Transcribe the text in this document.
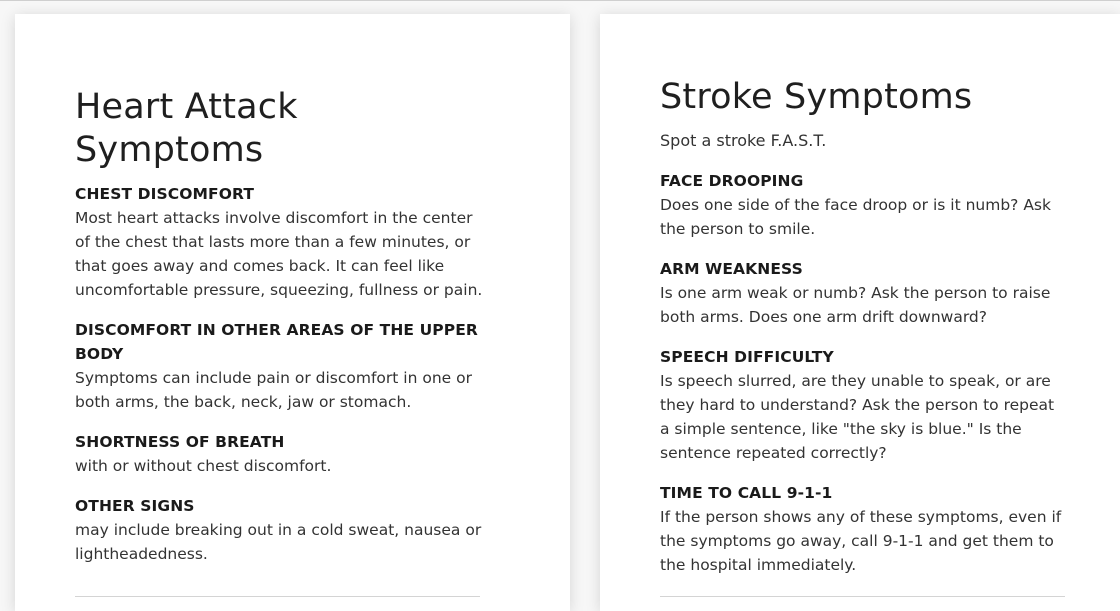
Heart Attack Symptoms
CHEST DISCOMFORT
Most heart attacks involve discomfort in the center of the chest that lasts more than a few minutes, or that goes away and comes back. It can feel like uncomfortable pressure, squeezing, fullness or pain.
DISCOMFORT IN OTHER AREAS OF THE UPPER BODY
Symptoms can include pain or discomfort in one or both arms, the back, neck, jaw or stomach.
SHORTNESS OF BREATH
with or without chest discomfort.
OTHER SIGNS
may include breaking out in a cold sweat, nausea or lightheadedness.
Stroke Symptoms

Spot a stroke F.A.S.T.

FACE DROOPING
Does one side of the face droop or is it numb? Ask the person to smile.
ARM WEAKNESS
Is one arm weak or numb? Ask the person to raise both arms. Does one arm drift downward?
SPEECH DIFFICULTY
Is speech slurred, are they unable to speak, or are they hard to understand? Ask the person to repeat a simple sentence, like "the sky is blue." Is the sentence repeated correctly?
TIME TO CALL 9-1-1
If the person shows any of these symptoms, even if the symptoms go away, call 9-1-1 and get them to the hospital immediately.
